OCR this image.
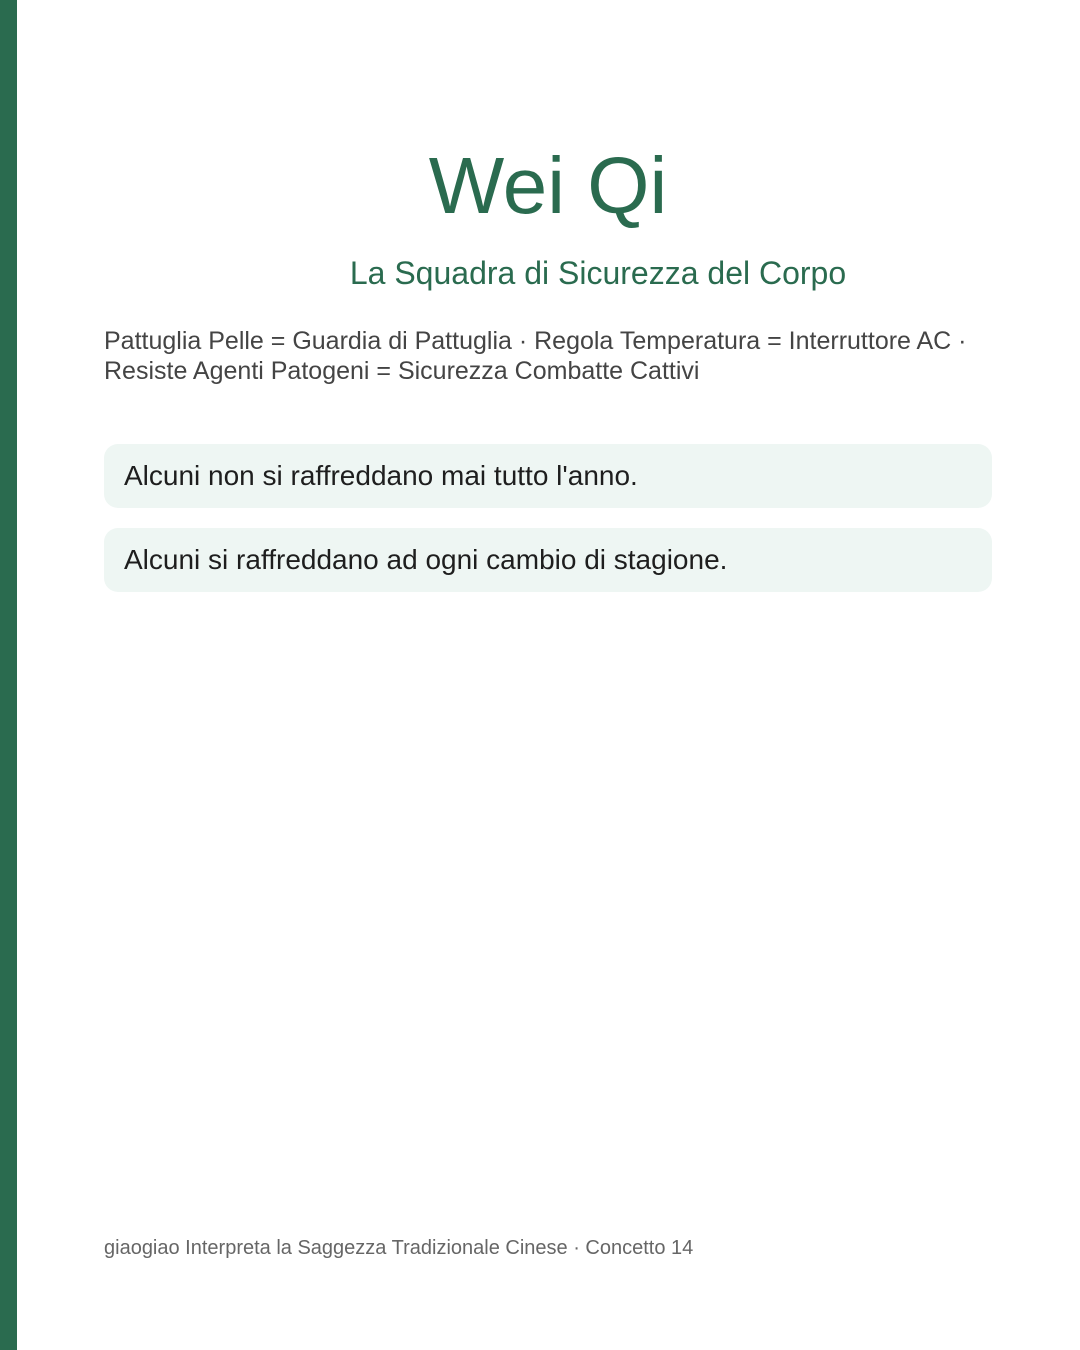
Wei Qi
La Squadra di Sicurezza del Corpo

Pattuglia Pelle = Guardia di Pattuglia · Regola Temperatura = Interruttore AC · Resiste Agenti Patogeni = Sicurezza Combatte Cattivi

Alcuni non si raffreddano mai tutto l'anno.
Alcuni si raffreddano ad ogni cambio di stagione.

giaogiao Interpreta la Saggezza Tradizionale Cinese · Concetto 14
